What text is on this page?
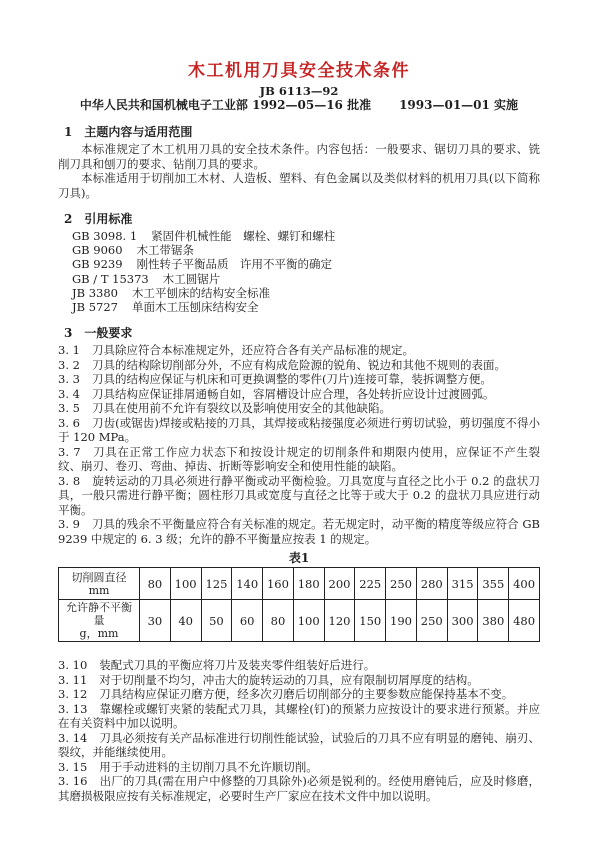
木工机用刀具安全技术条件

JB 6113—92

中华人民共和国机械电子工业部 1992—05—16 批准 1993—01—01 实施

1 主题内容与适用范围

本标准规定了木工机用刀具的安全技术条件。内容包括：一般要求、锯切刀具的要求、铣削刀具和刨刀的要求、钻削刀具的要求。

本标准适用于切削加工木材、人造板、塑料、有色金属以及类似材料的机用刀具(以下简称刀具)。

2 引用标准
GB 3098. 1 紧固件机械性能　螺栓、螺钉和螺柱
GB 9060 木工带锯条
GB 9239 刚性转子平衡品质　许用不平衡的确定
GB / T 15373 木工圆锯片
JB 3380 木工平刨床的结构安全标准
JB 5727 单面木工压刨床结构安全
3 一般要求

3. 1 刀具除应符合本标准规定外，还应符合各有关产品标准的规定。

3. 2 刀具的结构除切削部分外，不应有构成危险源的锐角、锐边和其他不规则的表面。

3. 3 刀具的结构应保证与机床和可更换调整的零件(刀片)连接可靠，装拆调整方便。

3. 4 刀具结构应保证排屑通畅自如，容屑槽设计应合理，各处转折应设计过渡圆弧。

3. 5 刀具在使用前不允许有裂纹以及影响使用安全的其他缺陷。

3. 6 刀齿(或锯齿)焊接或粘接的刀具，其焊接或粘接强度必须进行剪切试验，剪切强度不得小于 120 MPa。

3. 7 刀具在正常工作应力状态下和按设计规定的切削条件和期限内使用，应保证不产生裂纹、崩刃、卷刃、弯曲、掉齿、折断等影响安全和使用性能的缺陷。

3. 8 旋转运动的刀具必须进行静平衡或动平衡检验。刀具宽度与直径之比小于 0.2 的盘状刀具，一般只需进行静平衡；圆柱形刀具或宽度与直径之比等于或大于 0.2 的盘状刀具应进行动平衡。

3. 9 刀具的残余不平衡量应符合有关标准的规定。若无规定时，动平衡的精度等级应符合 GB 9239 中规定的 6. 3 级；允许的静不平衡量应按表 1 的规定。

表1

切削圆直径
mm	80	100	125	140	160	180	200	225	250	280	315	355	400

允许静不平衡量
g，mm	30	40	50	60	80	100	120	150	190	250	300	380	480

3. 10 装配式刀具的平衡应将刀片及装夹零件组装好后进行。

3. 11 对于切削量不均匀，冲击大的旋转运动的刀具，应有限制切屑厚度的结构。

3. 12 刀具结构应保证刃磨方便，经多次刃磨后切削部分的主要参数应能保持基本不变。

3. 13 靠螺栓或螺钉夹紧的装配式刀具，其螺栓(钉)的预紧力应按设计的要求进行预紧。并应在有关资料中加以说明。

3. 14 刀具必须按有关产品标准进行切削性能试验，试验后的刀具不应有明显的磨钝、崩刃、裂纹，并能继续使用。

3. 15 用于手动进料的主切削刀具不允许顺切削。

3. 16 出厂的刀具(需在用户中修整的刀具除外)必须是锐利的。经使用磨钝后，应及时修磨，其磨损极限应按有关标准规定，必要时生产厂家应在技术文件中加以说明。
